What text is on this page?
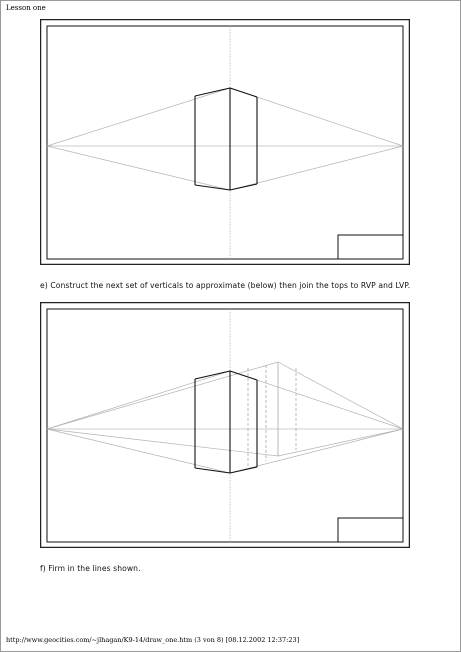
Lesson one
e) Construct the next set of verticals to approximate (below) then join the tops to RVP and LVP.
f) Firm in the lines shown.
http://www.geocities.com/~jlhagan/K9-14/draw_one.htm (3 von 8) [08.12.2002 12:37:23]
